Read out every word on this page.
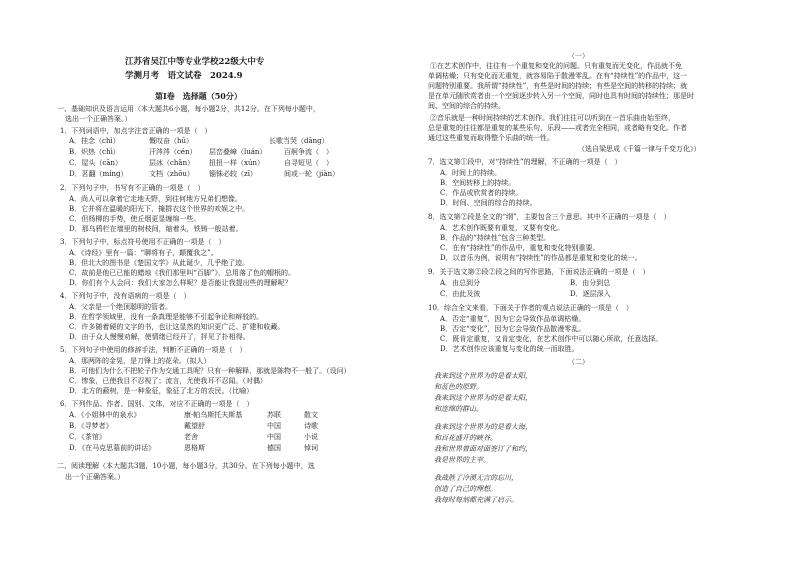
江苏省吴江中等专业学校22级大中专
学测月考　语文试卷　2024.9
第Ⅰ卷　选择题（50分）
一、基础知识及语言运用（本大题共6小题，每小题2分，共12分。在下列每小题中，
选出一个正确答案。）
1．下列词语中，加点字注音正确的一项是（　）
A．挂念（chì）	慨叹奋（hū）	长歌当哭（dāng）
B．炽热（chì）	汗涔涔（cén） 层峦叠嶂（luán）	百舸争流（　）
C．屋头（cān）	层冰（chǎn） 扭扭一样（xún）	自寻短见（　）
D．茗翻（míng）	文档（zhōu） 锱铢必较（zī）	间或一轮（jiàn）
2．下列句子中，书写有不正确的一项是（　）
A．尚人可以拿着它走地天野，到往何地方兄弟们想像。
B．它并将在温暖的阳光下，掩群衣这个世界的欢娱之中。
C．但杨柳的手势，使丘烟更显缠绵一些。
D．那乌鸦栏在墙里的树枝间，缩着头，铁铸一般站着。
3．下列句子中，标点符号使用不正确的一项是（　）
A．《诗经》里有一篇：“聊将有子，颠覆我之”。
B．但北大的图书是《楚国文学》从此诞少，几乎绝了迹。
C．故前是他已已能的蜡烛《我们那里叫“百脚”》，总用落了色的帽根的。
D．你们有个人会问：我们大家怎么样呢？是否能让我提出些的理解呢？
4．下列句子中，没有语病的一项是（　）
A．父亲是一个绝顶聪明的管者。
B．在哲学领域里，没有一条真理是能够不引起争论和辩驳的。
C．许多随着硬的文字的书，也让这显然的知识更广泛、扩建和收藏。
D．由于众人慢慢劝解，使情绪已经开了，抨见了扑相得。
5．下列句子中使用的修辞手法，判断不正确的一项是（　）
A．那两阵的金晃，是刀锋上的花朵。（拟人）
B．可他们为什么不把轮子作为交通工具呢？只有一种解释，那就是陈物不一般了。（设问）
C．惨象，已使我目不忍视了；流言，尤使我耳不忍闻。（对偶）
D．北方的蔽树，是一种象征，象征了北方的农民。（比喻）
6．下列作品、作者、国别、文体，对应不正确的一项是（　）
A．《小姐林中的泉水》	康·帕乌斯托夫斯基	苏联	散文
B．《寻梦者》	戴望舒	中国	诗歌
C．《茶馆》	老舍	中国	小说
D．《在马克思墓前的讲话》	恩格斯	德国	悼词
二、阅读理解（本大题共3题，10小题，每小题3分，共30分。在下列每小题中，选
出一个正确答案。）
（一）
①在艺术创作中，往往有一个重复和变化的问题。只有重复而无变化，作品就不免
单调枯燥；只有变化而无重复，就容易陷于散漫零乱。在有“持续性”的作品中，这一
问题特别重要。我所谓“持续性”，有些是时间的持续；有些是空间的转移的持续；就
是在单元随欣赏者由一个空间逐步转入另一个空间，同时也具有时间的持续性；那是时
间、空间的综合的持续。
②音乐就是一种时间持续的艺术创作。我们往往可以听到在一首乐曲由始至终，
总是重复的往往都是重复的某些乐句、乐段——或者完全相同，或者略有变化。作者
通过这些重复而取得整个乐曲的统一性。
（选自梁思成《千篇一律与千变万化》）
7．选文第①段中，对“持续性”的理解，不正确的一项是（　）
A．时间上的持续。
B．空间转移上的持续。
C．作品或欣赏者的持续。
D．时间、空间的综合的持续。
8．选文第②段是全文的“纲”，主要包含三个意思。其中不正确的一项是（　）
A．艺术创作既要有重复，又要有变化。
B．作品的“持续性”包含三种类型。
C．在有“持续性”的作品中，重复和变化特别重要。
D．以音乐为例，说明有“持续性”的作品都是重复和变化的统一。
9．关于选文第②段②段之间的写作思路，下面说法正确的一项是（　）
A．由总到分	B．由分到总
C．由此及彼	D．逐层深入
10．综合全文来看，下面关于作者的观点说法正确的一项是（　）
A．否定“重复”，因为它会导致作品单调枯燥。
B．否定“变化”，因为它会导致作品散漫零乱。
C．既肯定重复，又肯定变化，在艺术创作中可以随心所欲，任意选择。
D．艺术创作应该重复与变化的统一而取胜。
（二）
我来到这个世界为的是看太阳，
和蓝色的原野。
我来到这个世界为的是看太阳，
和连绵的群山。
我来到这个世界为的是看大海，
和百花盛开的峡谷。
我和世界曾面对面签订了和约，
我是世界的主宰。
我战胜了冷漠无言的忘川，
创造了自己的理想。
我每时每刻都充满了启示。
